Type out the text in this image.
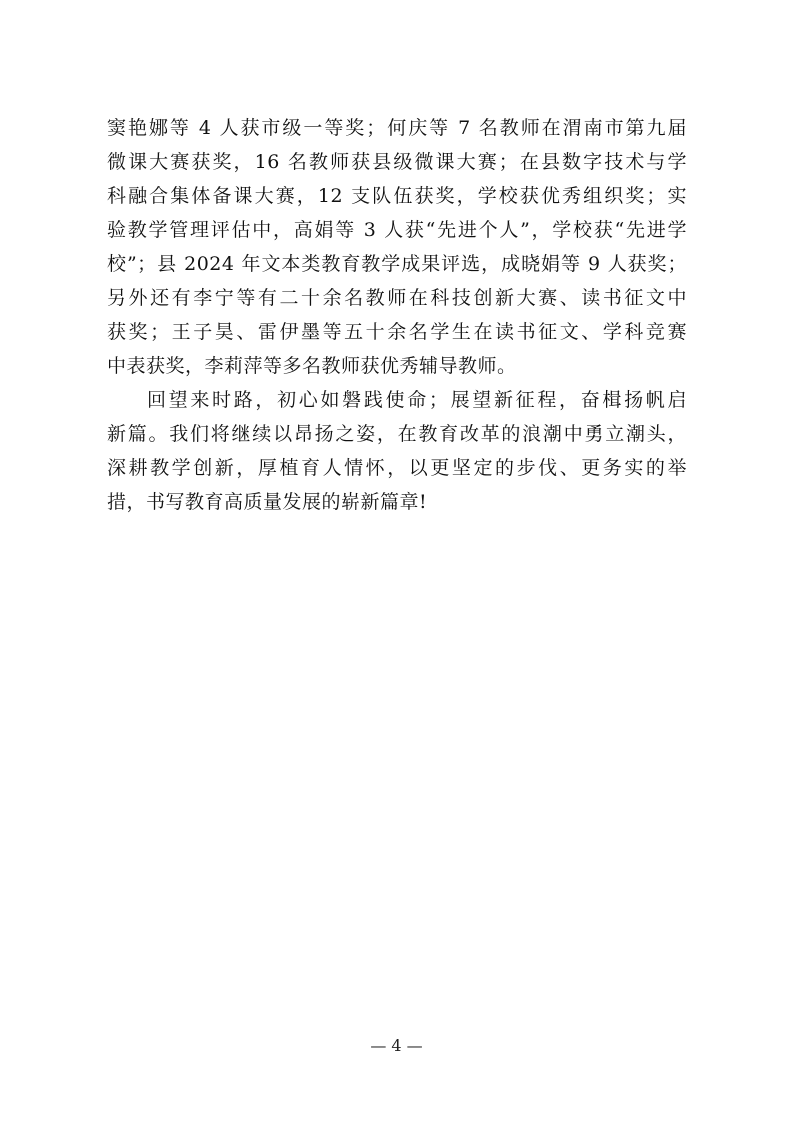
窦艳娜等 4 人获市级一等奖；何庆等 7 名教师在渭南市第九届
微课大赛获奖，16 名教师获县级微课大赛；在县数字技术与学
科融合集体备课大赛，12 支队伍获奖，学校获优秀组织奖；实
验教学管理评估中，高娟等 3 人获“先进个人”，学校获“先进学
校”；县 2024 年文本类教育教学成果评选，成晓娟等 9 人获奖；
另外还有李宁等有二十余名教师在科技创新大赛、读书征文中
获奖；王子昊、雷伊墨等五十余名学生在读书征文、学科竞赛
中表获奖，李莉萍等多名教师获优秀辅导教师。
回望来时路，初心如磐践使命；展望新征程，奋楫扬帆启
新篇。我们将继续以昂扬之姿，在教育改革的浪潮中勇立潮头，
深耕教学创新，厚植育人情怀，以更坚定的步伐、更务实的举
措，书写教育高质量发展的崭新篇章!
— 4 —
